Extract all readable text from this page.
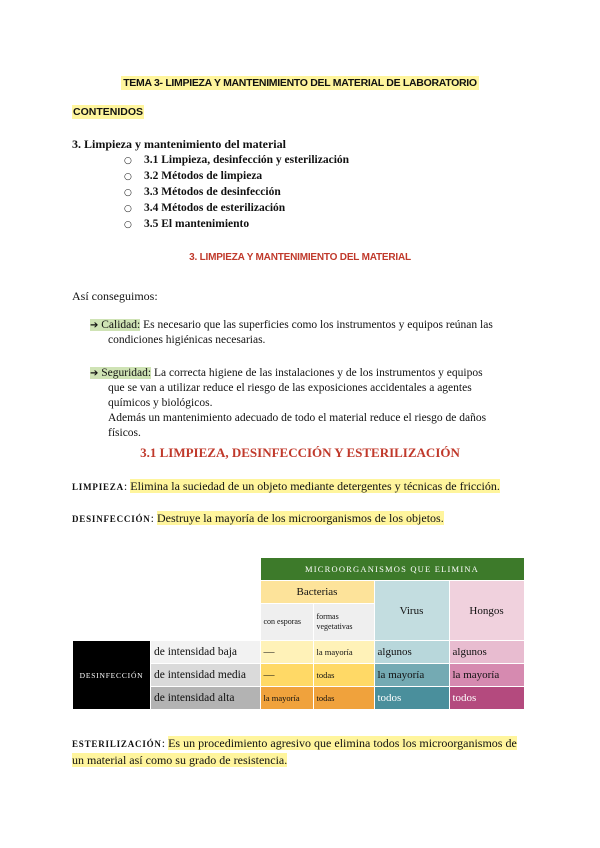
TEMA 3- LIMPIEZA Y MANTENIMIENTO DEL MATERIAL DE LABORATORIO
CONTENIDOS
3. Limpieza y mantenimiento del material
○ 3.1 Limpieza, desinfección y esterilización
○ 3.2 Métodos de limpieza
○ 3.3 Métodos de desinfección
○ 3.4 Métodos de esterilización
○ 3.5 El mantenimiento
3. LIMPIEZA Y MANTENIMIENTO DEL MATERIAL
Así conseguimos:
➔ Calidad: Es necesario que las superficies como los instrumentos y equipos reúnan las
condiciones higiénicas necesarias.
➔ Seguridad: La correcta higiene de las instalaciones y de los instrumentos y equipos
que se van a utilizar reduce el riesgo de las exposiciones accidentales a agentes
químicos y biológicos.
Además un mantenimiento adecuado de todo el material reduce el riesgo de daños
físicos.
3.1 LIMPIEZA, DESINFECCIÓN Y ESTERILIZACIÓN
LIMPIEZA: Elimina la suciedad de un objeto mediante detergentes y técnicas de fricción.
DESINFECCIÓN: Destruye la mayoría de los microorganismos de los objetos.
		MICROORGANISMOS QUE ELIMINA			
		Bacterias		Virus	Hongos
		con esporas	formas vegetativas		
DESINFECCIÓN	de intensidad baja	—	la mayoría	algunos	algunos
	de intensidad media	—	todas	la mayoría	la mayoría
	de intensidad alta	la mayoría	todas	todos	todos
ESTERILIZACIÓN: Es un procedimiento agresivo que elimina todos los microorganismos de
un material así como su grado de resistencia.
